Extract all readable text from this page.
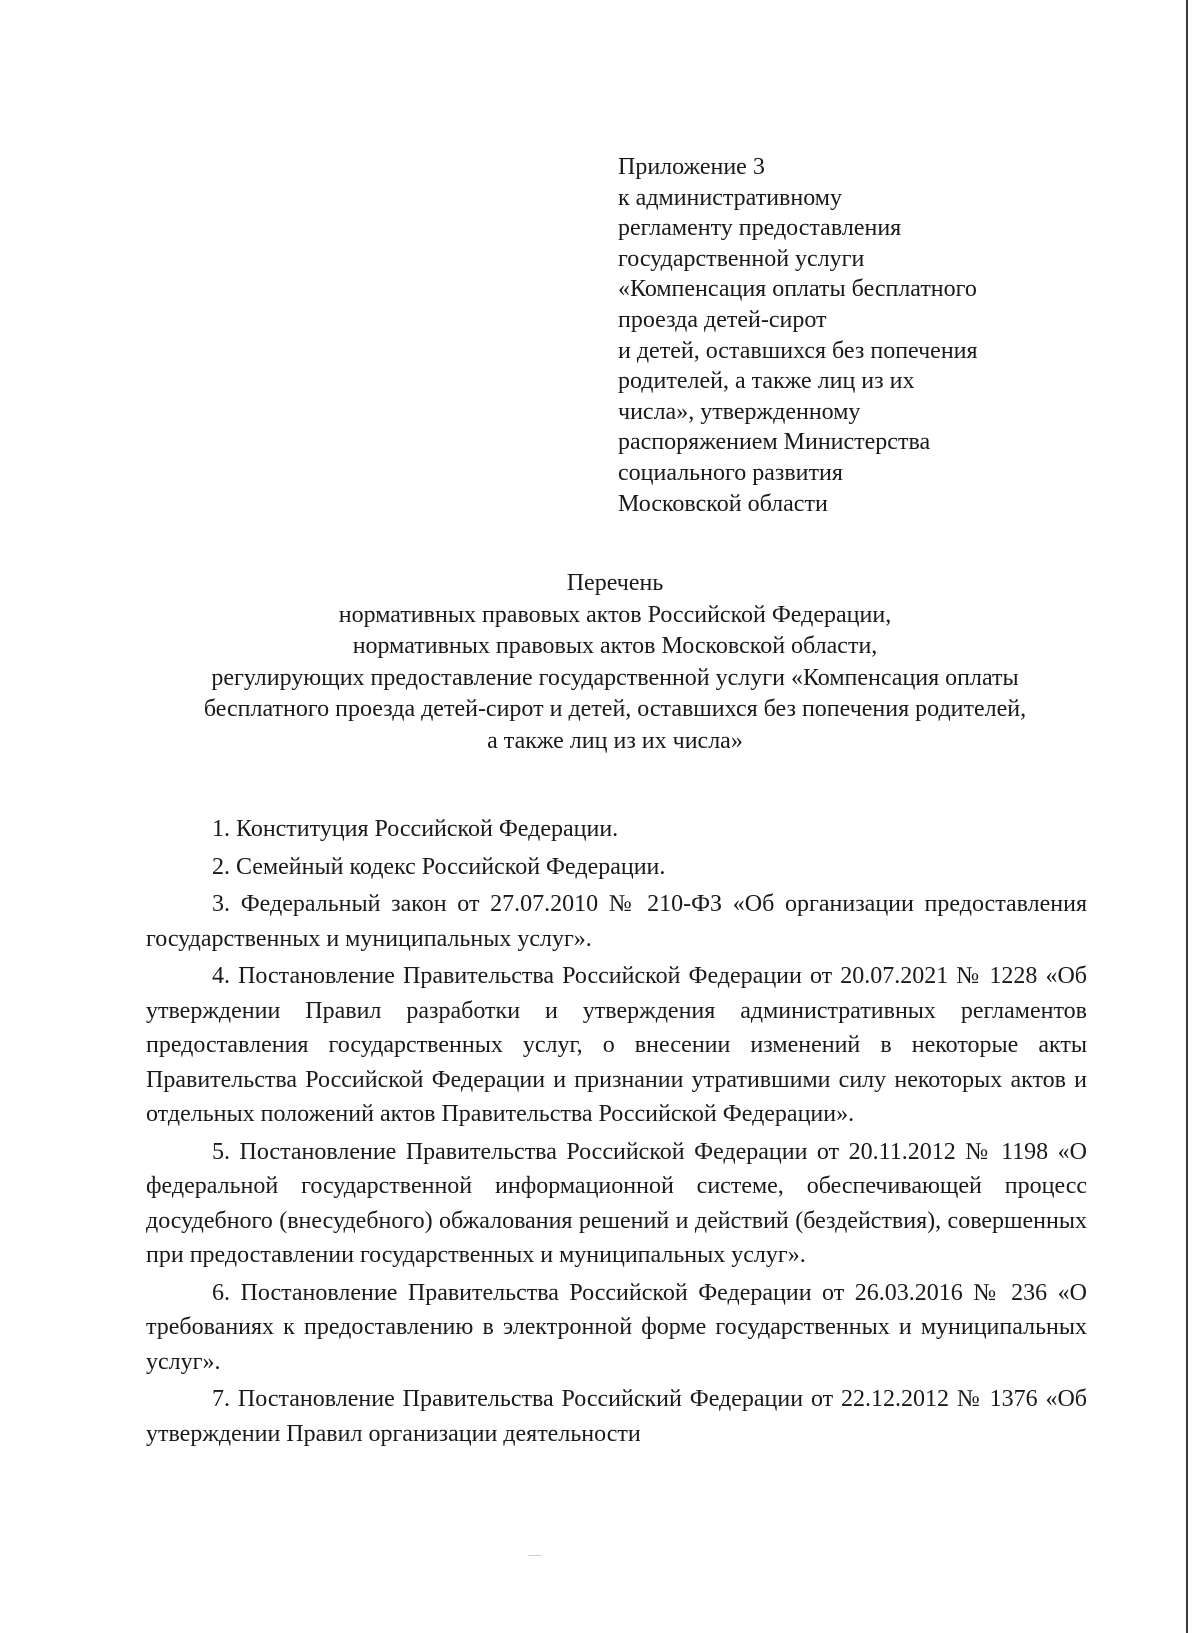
Приложение 3
к административному
регламенту предоставления
государственной услуги
«Компенсация оплаты бесплатного
проезда детей-сирот
и детей, оставшихся без попечения
родителей, а также лиц из их
числа», утвержденному
распоряжением Министерства
социального развития
Московской области
Перечень
нормативных правовых актов Российской Федерации,
нормативных правовых актов Московской области,
регулирующих предоставление государственной услуги «Компенсация оплаты
бесплатного проезда детей-сирот и детей, оставшихся без попечения родителей,
а также лиц из их числа»

1. Конституция Российской Федерации.

2. Семейный кодекс Российской Федерации.

3. Федеральный закон от 27.07.2010 № 210-ФЗ «Об организации предоставления государственных и муниципальных услуг».

4. Постановление Правительства Российской Федерации от 20.07.2021 № 1228 «Об утверждении Правил разработки и утверждения административных регламентов предоставления государственных услуг, о внесении изменений в некоторые акты Правительства Российской Федерации и признании утратившими силу некоторых актов и отдельных положений актов Правительства Российской Федерации».

5. Постановление Правительства Российской Федерации от 20.11.2012 № 1198 «О федеральной государственной информационной системе, обеспечивающей процесс досудебного (внесудебного) обжалования решений и действий (бездействия), совершенных при предоставлении государственных и муниципальных услуг».

6. Постановление Правительства Российской Федерации от 26.03.2016 № 236 «О требованиях к предоставлению в электронной форме государственных и муниципальных услуг».

7. Постановление Правительства Российский Федерации от 22.12.2012 № 1376 «Об утверждении Правил организации деятельности
